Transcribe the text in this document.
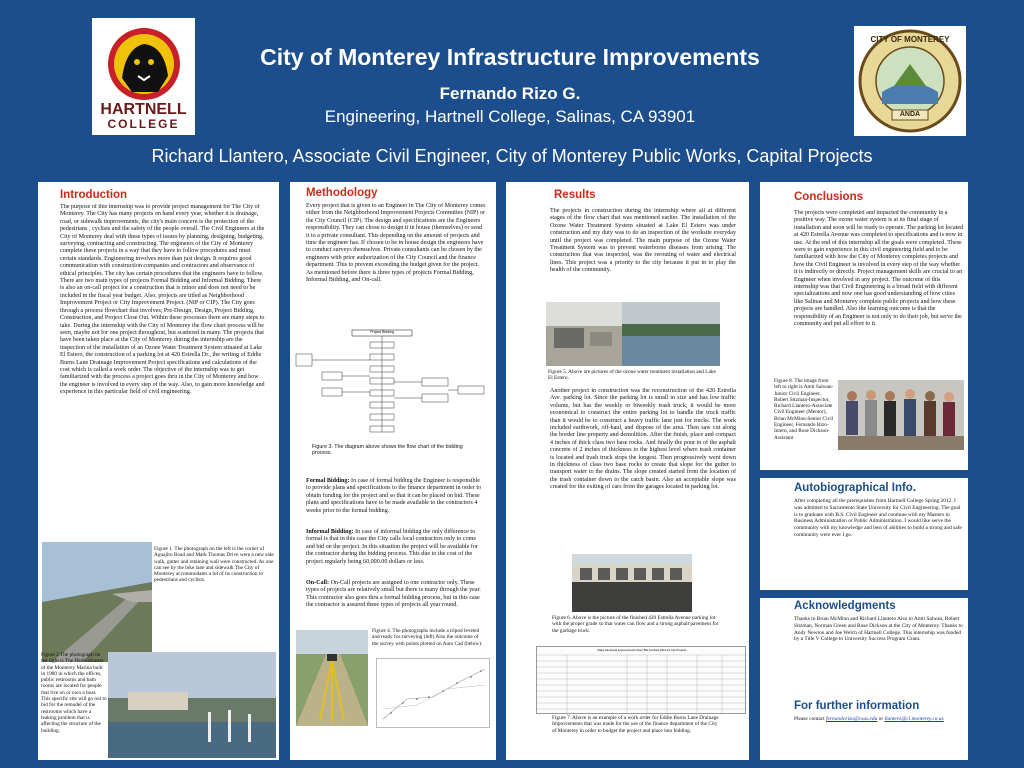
HARTNELL
COLLEGE
CITY OF MONTEREY
ANDA
City of Monterey Infrastructure Improvements
Fernando Rizo G.
Engineering, Hartnell College, Salinas, CA 93901
Richard Llantero, Associate Civil Engineer, City of Monterey Public Works, Capital Projects
Introduction
The purpose of this internship was to provide project management for The City of Monterey. The City has many projects on hand every year, whether it is drainage, road, or sidewalk improvements, the city's main concern is the protection of the pedestrians , cyclists and the safety of the people overall. The Civil Engineers at the City of Monterey deal with these types of issues by planning, designing, budgeting, surveying, contracting and constructing. The engineers of the City of Monterey complete these projects in a way that they have to follow procedures and meet certain standards. Engineering involves more than just design. It requires good communication with construction companies and contractors and observance of ethical principles. The city has certain procedures that the engineers have to follow. There are two main types of projects Formal Bidding and Informal Bidding. There is also an on-call project for a construction that is minor and does not need to be included in the fiscal year budget. Also, projects are titled as Neighborhood Improvement Project or City Improvement Project. (NIP or CIP). The City goes through a process flowchart that involves; Pre-Design, Design, Project Bidding, Construction, and Project Close Out. Within these processes there are many steps to take. During the internship with the City of Monterey the flow chart process will be seen, maybe not for one project throughout, but scattered in many. The projects that have been taken place at the City of Monterey during the internship are the inspection of the installation of an Ozone Water Treatment System situated at Lake El Estero, the construction of a parking lot at 420 Estrella Dr., the writing of Eddie Burns Lane Drainage Improvement Project specifications and calculations of the cost which is called a work order. The objective of the internship was to get familiarized with the process a project goes thru in the City of Monterey and how the engineer is involved in every step of the way. Also, to gain more knowledge and experience in this particular field of civil engineering.
Figure 1. The photograph on the left is the corner of Aguajito Road and Mark Thomas Drive were a new side walk, gutter and retaining wall were constructed. As one can see by the bike lane and sidewalk The City of Monterey accommodates a lot of its construction to pedestrians and cyclists.
Figure 2 The photograph on the right is The Harbormaster of the Monterey Marina built in 1980 in which the offices, public restrooms and bath rooms are located for people that live on or own a boat. This specific site will go out to bid for the remodel of the restrooms which have a leaking problem that is affecting the structure of the building.
Methodology
Every project that is given to an Engineer in The City of Monterey comes either from the Neighborhood Improvement Projects Committee (NIP) or the City Council (CIP). The design and specifications are the Engineers responsibility. They can chose to design it in house (themselves) or send it to a private consultant. This depending on the amount of projects and time the engineer has. If chosen to be in house design the engineers have to conduct surveys themselves. Private consultants can be chosen by the engineers with prior authorization of the City Council and the finance department. This to prevent exceeding the budget given for the project. As mentioned before there is three types of projects Formal Bidding, Informal Bidding, and On-call.
Project Bidding
Figure 3. The diagram above shows the flow chart of the bidding process.
Formal Bidding: In case of formal bidding the Engineer is responsible to provide plans and specifications to the finance department in order to obtain funding for the project and so that it can be placed on bid. These plans and specifications have to be made available to the contractors 4 weeks prior to the formal bidding.
Informal Bidding: In case of informal bidding the only difference to formal is that in this case the City calls local contractors only to come and bid on the project. In this situation the project will be available for the contractor during the bidding process. This due to the cost of the project regularly being 60,000.00 dollars or less.
On-Call: On-Call projects are assigned to one contractor only. These types of projects are relatively small but there is many through the year. This contractor also goes thru a formal bidding process, but in this case the contractor is assured these types of projects all year round.
Figure 4. The photographs include a tripod leveled and ready for surveying (left) Also the outcome of the survey with points plotted on Auto Cad (below).
Results
The projects in construction during the internship where all at different stages of the flow chart that was mentioned earlier. The installation of the Ozone Water Treatment System situated at Lake El Estero was under construction and my duty was to do an inspection of the worksite everyday until the project was completed. The main purpose of the Ozone Water Treatment System was to prevent waterborne diseases from arising. The construction that was inspected, was the rerouting of water and electrical lines. This project was a priority to the city because it put in to play the health of the community.
Figure 5. Above are pictures of the ozone water treatment installation and Lake El Estero.
Another project in construction was the reconstruction of the 420 Estrella Ave. parking lot. Since the parking lot is small in size and has low traffic volume, but has the weekly or biweekly trash truck, it would be more economical to construct the entire parking lot to handle the truck traffic than it would be to construct a heavy traffic lane just for trucks. The work included earthwork, off-haul, and dispose of the area. Then saw cut along the border line property and demolition. After the finish, place and compact 4 inches of thick class two base rocks. And finally the pour in of the asphalt concrete of 2 inches of thickness to the highest level where trash container is located and trash truck stops the longest. Then progressively went down in thickness of class two base rocks to create that slope for the gutter to transport water to the drains. The slope created started from the location of the trash container down to the catch basin. Also an acceptable slope was created for the exiting of cars from the garages located in parking lot.
Figure 6. Above is the picture of the finished 420 Estrella Avenue parking lot with the proper grade so that water can flow and a strong asphalt pavement for the garbage truck.
Major Municipal Improvements Open Bid Contract 2011-12 City Projects
Figure 7. Above is an example of a work order for Eddie Burns Lane Drainage Improvements that was made for the use of the finance department of the City of Monterey in order to budget the project and place into bidding.
Conclusions
The projects were completed and impacted the community in a positive way. The ozone water system is at its final stage of installation and soon will be ready to operate. The parking lot located at 420 Estrella Avenue was completed to specifications and is now in use. At the end of this internship all the goals were completed. These were to gain experience in this civil engineering field and to be familiarized with how the City of Monterey completes projects and how the Civil Engineer is involved in every step of the way whether it is indirectly or directly. Project management skills are crucial to an Engineer when involved in any project. The outcome of this internship was that Civil Engineering is a broad field with different specializations and now one has good understanding of how cities like Salinas and Monterey complete public projects and how these projects are handled. Also the learning outcome is that the responsibility of an Engineer is not only to do their job, but serve the community and put all effort to it.
Figure 8. The image from left to right is Amit Salwan-Junior Civil Engineer, Robert Sitzman-Inspector, Richard Llantero-Associate Civil Engineer (Mentor), Brian McMinn-Senior Civil Engineer, Fernando Rizo-Intern, and Rose Dickson-Assistant
Autobiographical Info.
After completing all the prerequisites from Hartnell College Spring 2012, I was admitted to Sacramento State University for Civil Engineering. The goal is to graduate with B.S. Civil Engineer and continue with my Masters in Business Administration or Public Administration. I would like serve the community with my knowledge and best of abilities to build a strong and safe community were ever I go.
Acknowledgments
Thanks to Brian McMinn and Richard Llantero Also to Amit Salwan, Robert Sitzman, Norman Green and Rose Dickson at the City of Monterey. Thanks to Andy Newton and Joe Welch of Hartnell College. This internship was funded by a Title V College to University Success Program Grant.
For further information
Please contact fernandorizo@csus.edu or llantero@ci.monterey.ca.us
